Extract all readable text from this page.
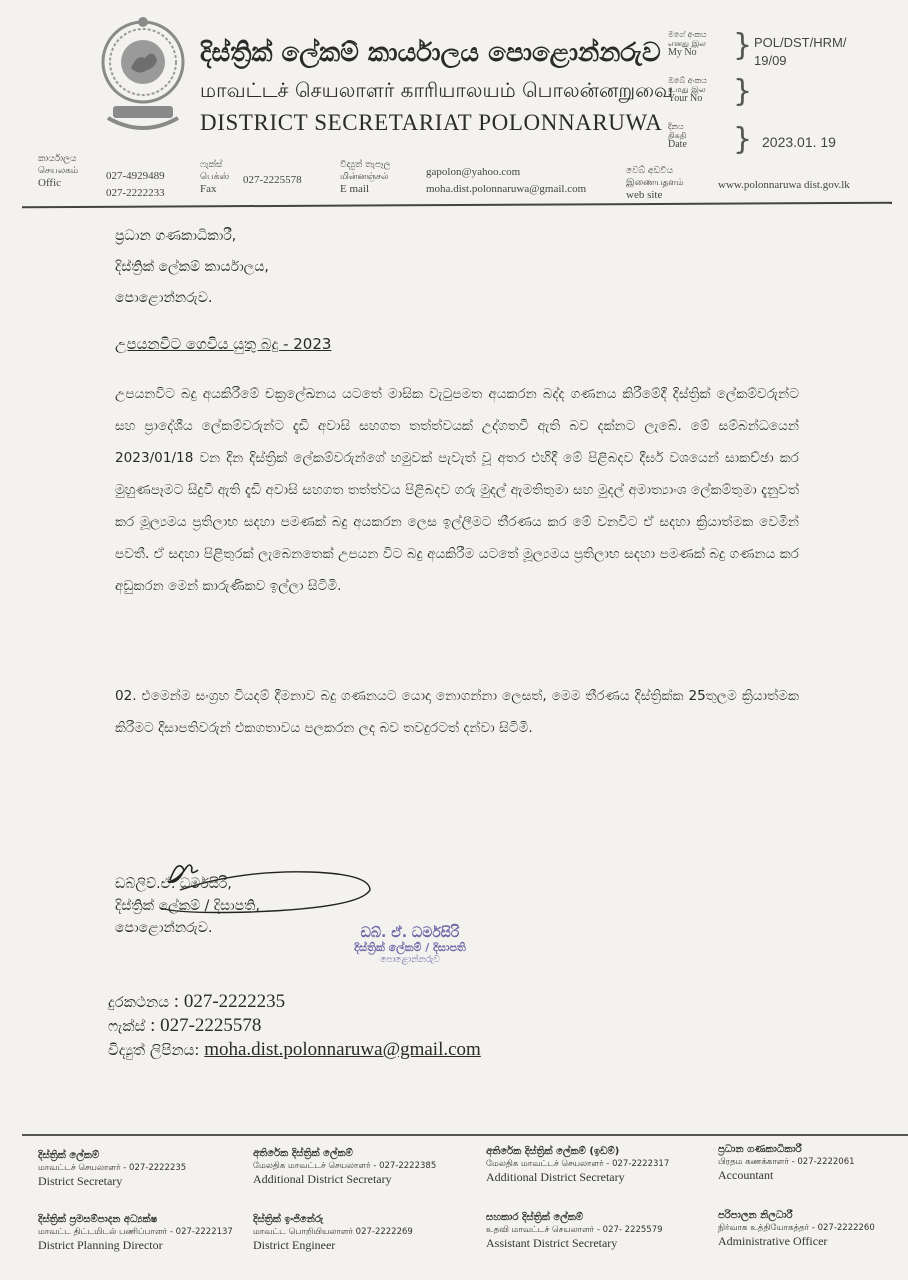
දිස්ත්‍රික් ලේකම් කාර්යාලය පොළොන්නරුව
மாவட்டச் செயலாளர் காரியாலயம் பொலன்னறுவை
DISTRICT SECRETARIAT POLONNARUWA
මගේ අංකය
எனது இல
My No	} POL/DST/HRM/ 19/09
ඔබේ අංකය
உமது இல
Your No }
දිනය
திகதி
Date } 2023.01. 19
කාර්යාලය
செயலகம்
Offic
027-4929489
027-2222233
ෆැක්ස්
பெக்ஸ்
Fax
027-2225578
විද්‍යුත් තැපෑල
மின்னஞ்சல்
E mail
gapolon@yahoo.com
moha.dist.polonnaruwa@gmail.com
වෙබ් අඩවිය
இணையதளம்
web site
www.polonnaruwa dist.gov.lk
ප්‍රධාන ගණකාධිකාරී,
දිස්ත්‍රික් ලේකම් කාර්යාලය,
පොළොන්නරුව.
උපයනවිට ගෙවිය යුතු බදු - 2023

උපයනවිට බදු අයකිරීමේ චක්‍රලේඛනය යටතේ මාසික වැටුපමත අයකරන බද්ද ගණනය කිරීමේදී දිස්ත්‍රික් ලේකම්වරුන්ට සහ ප්‍රාදේශීය ලේකම්වරුන්ට දැඩි අවාසි සහගත තත්ත්වයක් උද්ගතවී ඇති බව දක්නට ලැබේ. මේ සම්බන්ධයෙන් 2023/01/18 වන දින දිස්ත්‍රික් ලේකම්වරුන්ගේ හමුවක් පැවැත් වූ අතර එහිදී මේ පිළිබදව දීර්ඝ වශයෙන් සාකච්ඡා කර මුහුණපෑමට සිදුවී ඇති දැඩි අවාසි සහගත තත්ත්වය පිළිබදව ගරු මුදල් ඇමතිතුමා සහ මුදල් අමාත්‍යාංශ ලේකම්තුමා දැනුවත් කර මූල්‍යමය ප්‍රතිලාභ සදහා පමණක් බදු අයකරන ලෙස ඉල්ලීමට තීරණය කර මේ වනවිට ඒ සදහා ක්‍රියාත්මක වෙමින් පවතී. ඒ සදහා පිළිතුරක් ලැබෙනතෙක් උපයන විට බදු අයකිරීම යටතේ මූල්‍යමය ප්‍රතිලාභ සදහා පමණක් බදු ගණනය කර අඩුකරන මෙන් කාරුණිකව ඉල්ලා සිටිමි.

02. එමෙන්ම සංග්‍රහ වියදම් දීමනාව බදු ගණනයට යොදා නොගන්නා ලෙසත්, මෙම තීරණය දිස්ත්‍රික්ක 25තුලම ක්‍රියාත්මක කිරීමට දිසාපතිවරුන් එකගතාවය පලකරන ලද බව තවදුරටත් දන්වා සිටිමි.

ඩබ්ලිව්.ඒ. ධර්මසිරි,
දිස්ත්‍රික් ලේකම් / දිසාපති,
පොළොන්නරුව.	ඩබ්. ඒ. ධර්මසිරි
දිස්ත්‍රික් ලේකම් / දිසාපති
පොළොන්නරුව
දුරකථනය : 027-2222235
ෆැක්ස් : 027-2225578
විද්‍යුත් ලිපිනය: moha.dist.polonnaruwa@gmail.com
දිස්ත්‍රික් ලේකම්
மாவட்டச் செயலாளர் - 027-2222235
District Secretary
අතිරේක දිස්ත්‍රික් ලේකම්
மேலதிக மாவட்டச் செயலாளர் - 027-2222385
Additional District Secretary
අතිරේක දිස්ත්‍රික් ලේකම් (ඉඩම්)
மேலதிக மாவட்டச் செயலாளர் - 027-2222317
Additional District Secretary
ප්‍රධාන ගණකාධිකාරී
பிரதம கணக்காளர் - 027-2222061
Accountant
දිස්ත්‍රික් ප්‍රමසම්පාදන අධ්‍යක්ෂ
மாவட்ட திட்டமிடல் பணிப்பாளர் - 027-2222137
District Planning Director
දිස්ත්‍රික් ඉංජිනේරු
மாவட்ட பொறியியலாளர் 027-2222269
District Engineer
සහකාර දිස්ත්‍රික් ලේකම්
உதவி மாவட்டச் செயலாளர் - 027- 2225579
Assistant District Secretary
පරිපාලන නිලධාරී
நிர்வாக உத்தியோகத்தர் - 027-2222260
Administrative Officer
